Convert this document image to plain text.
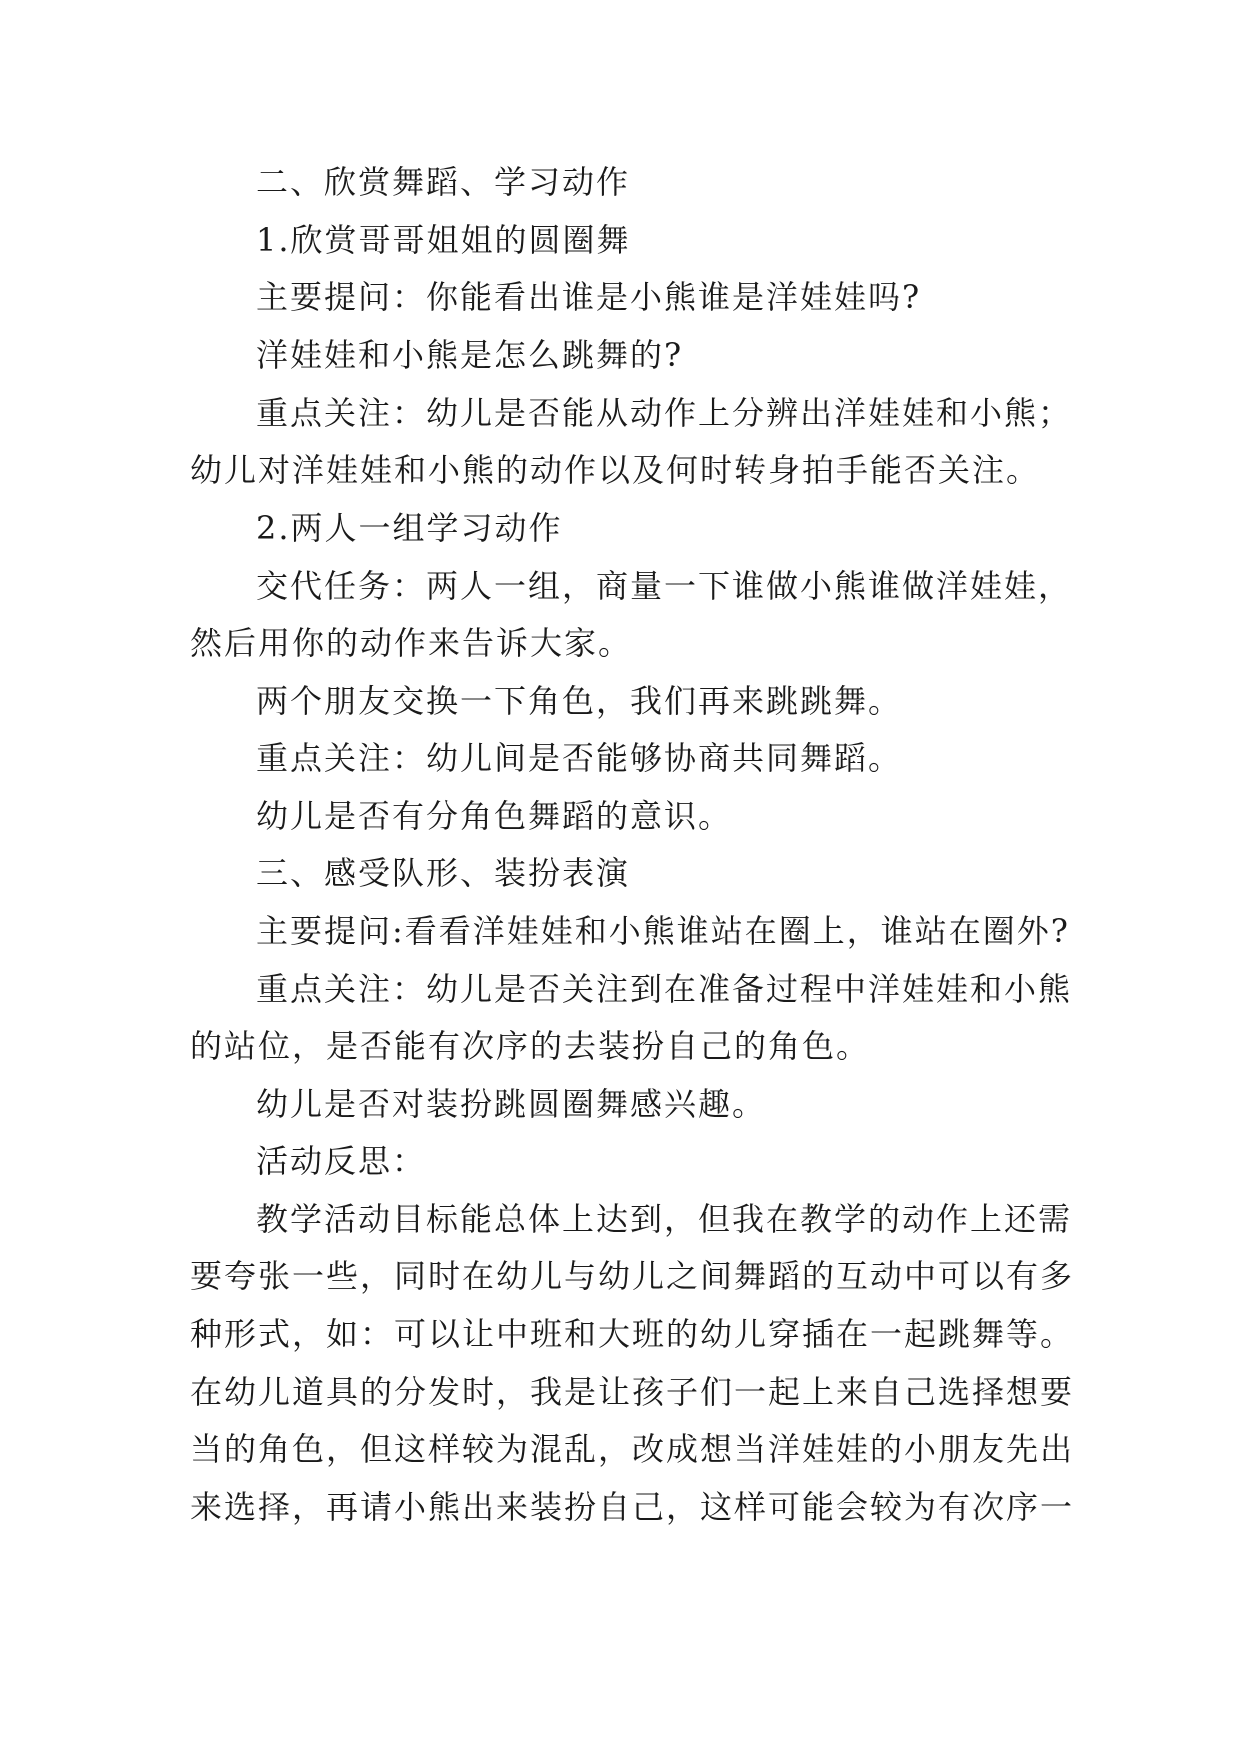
二、欣赏舞蹈、学习动作
1.欣赏哥哥姐姐的圆圈舞
主要提问：你能看出谁是小熊谁是洋娃娃吗?
洋娃娃和小熊是怎么跳舞的?
重点关注：幼儿是否能从动作上分辨出洋娃娃和小熊；
幼儿对洋娃娃和小熊的动作以及何时转身拍手能否关注。
2.两人一组学习动作
交代任务：两人一组，商量一下谁做小熊谁做洋娃娃，
然后用你的动作来告诉大家。
两个朋友交换一下角色，我们再来跳跳舞。
重点关注：幼儿间是否能够协商共同舞蹈。
幼儿是否有分角色舞蹈的意识。
三、感受队形、装扮表演
主要提问:看看洋娃娃和小熊谁站在圈上，谁站在圈外?
重点关注：幼儿是否关注到在准备过程中洋娃娃和小熊
的站位，是否能有次序的去装扮自己的角色。
幼儿是否对装扮跳圆圈舞感兴趣。
活动反思：
教学活动目标能总体上达到，但我在教学的动作上还需
要夸张一些，同时在幼儿与幼儿之间舞蹈的互动中可以有多
种形式，如：可以让中班和大班的幼儿穿插在一起跳舞等。
在幼儿道具的分发时，我是让孩子们一起上来自己选择想要
当的角色，但这样较为混乱，改成想当洋娃娃的小朋友先出
来选择，再请小熊出来装扮自己，这样可能会较为有次序一
